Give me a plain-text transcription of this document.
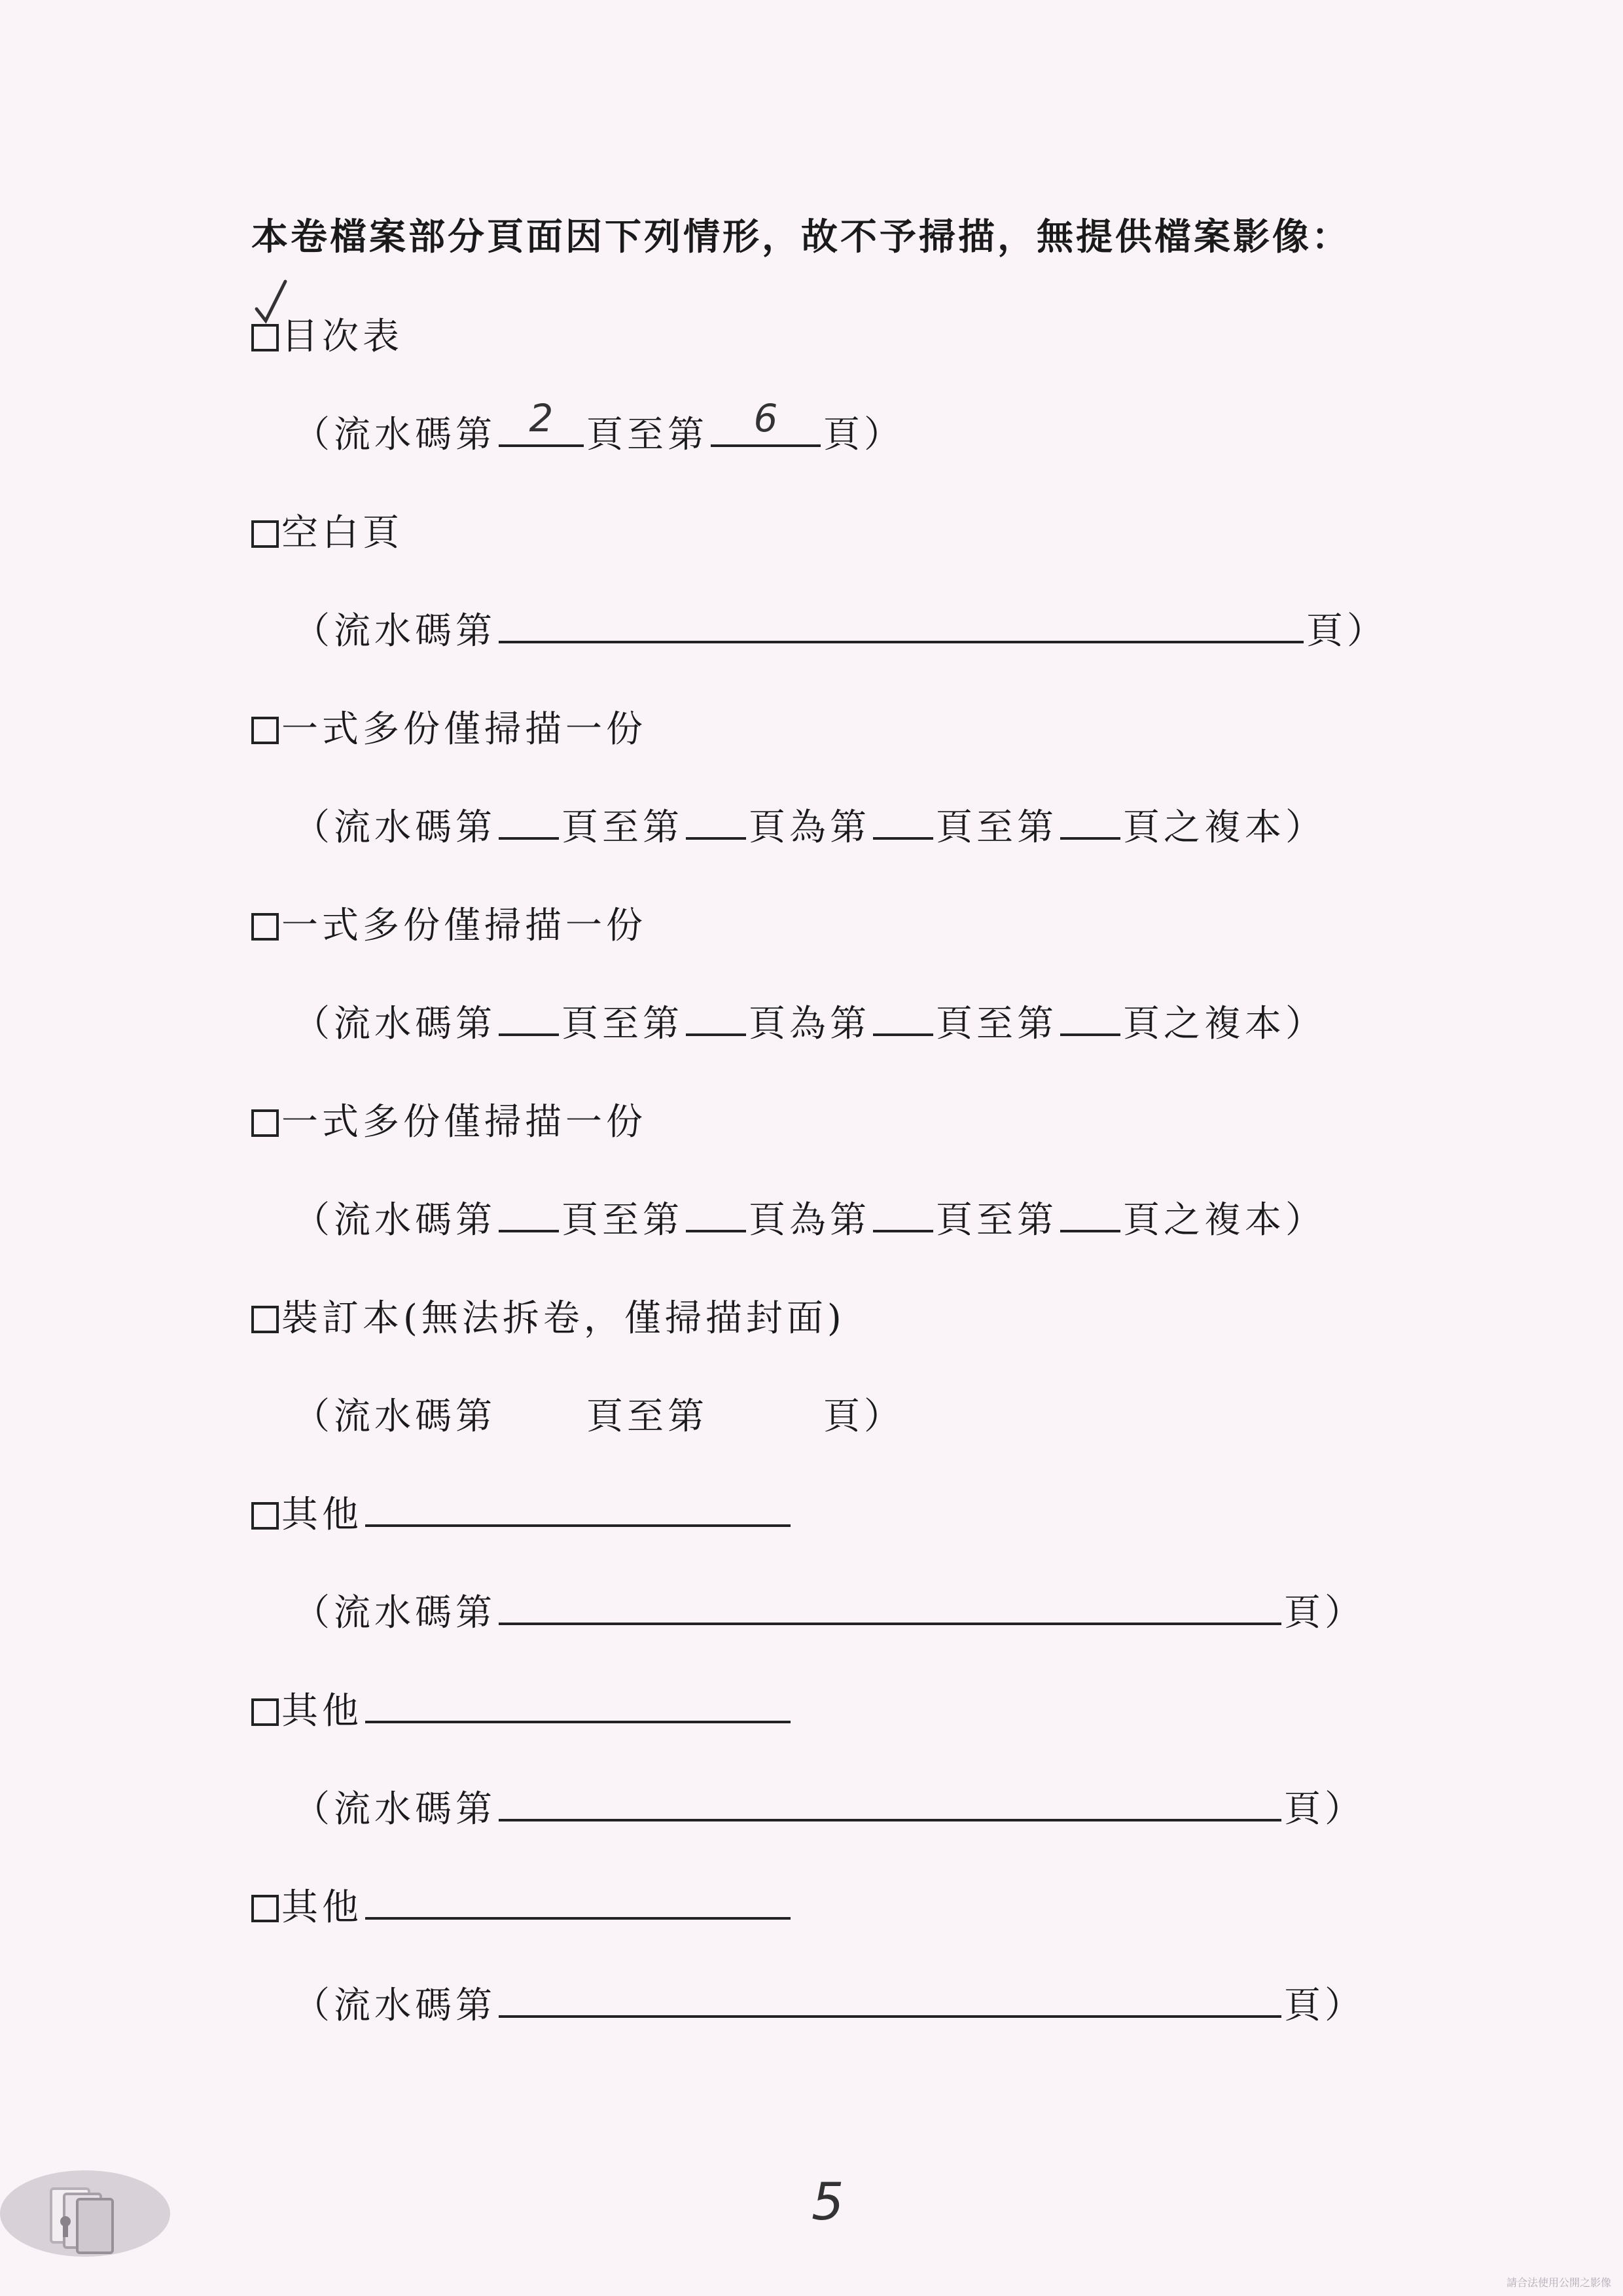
本卷檔案部分頁面因下列情形，故不予掃描，無提供檔案影像：
目次表
（流水碼第 2 頁至第	6	頁）
空白頁
（流水碼第	頁）
一式多份僅掃描一份
（流水碼第 頁至第 頁為第 頁至第 頁之複本）
一式多份僅掃描一份
（流水碼第 頁至第 頁為第 頁至第 頁之複本）
一式多份僅掃描一份
（流水碼第 頁至第 頁為第 頁至第 頁之複本）
裝訂本(無法拆卷，僅掃描封面)
（流水碼第 頁至第	頁）
其他
（流水碼第	頁）
其他
（流水碼第	頁）
其他
（流水碼第	頁）
5
請合法使用公開之影像
